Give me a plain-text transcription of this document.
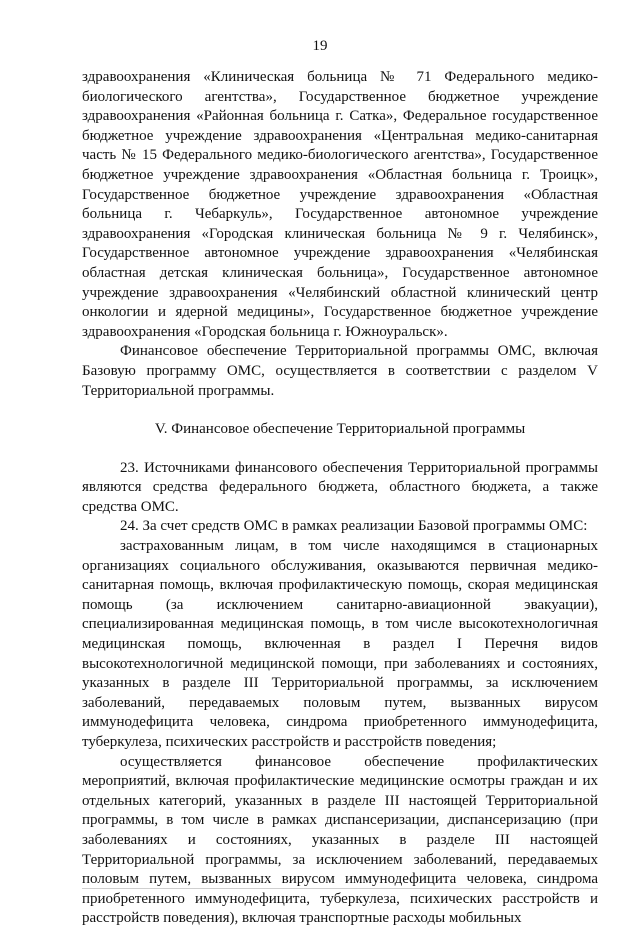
19

здравоохранения «Клиническая больница № 71 Федерального медико-биологического агентства», Государственное бюджетное учреждение здравоохранения «Районная больница г. Сатка», Федеральное государственное бюджетное учреждение здравоохранения «Центральная медико-санитарная часть № 15 Федерального медико-биологического агентства», Государственное бюджетное учреждение здравоохранения «Областная больница г. Троицк», Государственное бюджетное учреждение здравоохранения «Областная больница г. Чебаркуль», Государственное автономное учреждение здравоохранения «Городская клиническая больница № 9 г. Челябинск», Государственное автономное учреждение здравоохранения «Челябинская областная детская клиническая больница», Государственное автономное учреждение здравоохранения «Челябинский областной клинический центр онкологии и ядерной медицины», Государственное бюджетное учреждение здравоохранения «Городская больница г. Южноуральск».

Финансовое обеспечение Территориальной программы ОМС, включая Базовую программу ОМС, осуществляется в соответствии с разделом V Территориальной программы.

V. Финансовое обеспечение Территориальной программы

23. Источниками финансового обеспечения Территориальной программы являются средства федерального бюджета, областного бюджета, а также средства ОМС.

24. За счет средств ОМС в рамках реализации Базовой программы ОМС:

застрахованным лицам, в том числе находящимся в стационарных организациях социального обслуживания, оказываются первичная медико-санитарная помощь, включая профилактическую помощь, скорая медицинская помощь (за исключением санитарно-авиационной эвакуации), специализированная медицинская помощь, в том числе высокотехнологичная медицинская помощь, включенная в раздел I Перечня видов высокотехнологичной медицинской помощи, при заболеваниях и состояниях, указанных в разделе III Территориальной программы, за исключением заболеваний, передаваемых половым путем, вызванных вирусом иммунодефицита человека, синдрома приобретенного иммунодефицита, туберкулеза, психических расстройств и расстройств поведения;

осуществляется финансовое обеспечение профилактических мероприятий, включая профилактические медицинские осмотры граждан и их отдельных категорий, указанных в разделе III настоящей Территориальной программы, в том числе в рамках диспансеризации, диспансеризацию (при заболеваниях и состояниях, указанных в разделе III настоящей Территориальной программы, за исключением заболеваний, передаваемых половым путем, вызванных вирусом иммунодефицита человека, синдрома приобретенного иммунодефицита, туберкулеза, психических расстройств и расстройств поведения), включая транспортные расходы мобильных
